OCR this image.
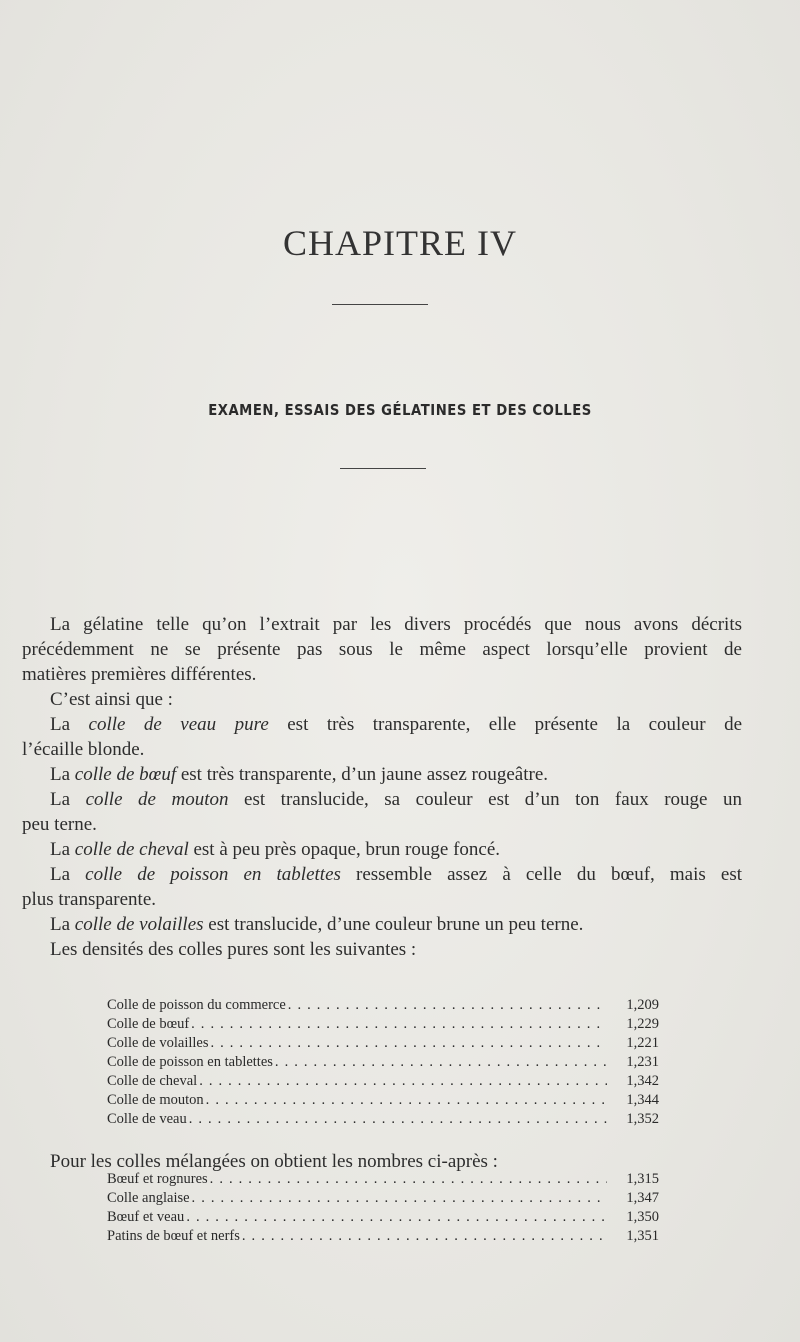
CHAPITRE IV
EXAMEN, ESSAIS DES GÉLATINES ET DES COLLES
La gélatine telle qu’on l’extrait par les divers procédés que nous avons décrits
précédemment ne se présente pas sous le même aspect lorsqu’elle provient de
matières premières différentes.
C’est ainsi que :
La colle de veau pure est très transparente, elle présente la couleur de
l’écaille blonde.
La colle de bœuf est très transparente, d’un jaune assez rougeâtre.
La colle de mouton est translucide, sa couleur est d’un ton faux rouge un
peu terne.
La colle de cheval est à peu près opaque, brun rouge foncé.
La colle de poisson en tablettes ressemble assez à celle du bœuf, mais est
plus transparente.
La colle de volailles est translucide, d’une couleur brune un peu terne.
Les densités des colles pures sont les suivantes :
Colle de poisson du commerce . . .	1,209
Colle de bœuf . . .	1,229
Colle de volailles . . .	1,221
Colle de poisson en tablettes . . .	1,231
Colle de cheval . . .	1,342
Colle de mouton . . .	1,344
Colle de veau . . .	1,352
Pour les colles mélangées on obtient les nombres ci-après :
Bœuf et rognures . . .	1,315
Colle anglaise . . .	1,347
Bœuf et veau . . .	1,350
Patins de bœuf et nerfs . . .	1,351
